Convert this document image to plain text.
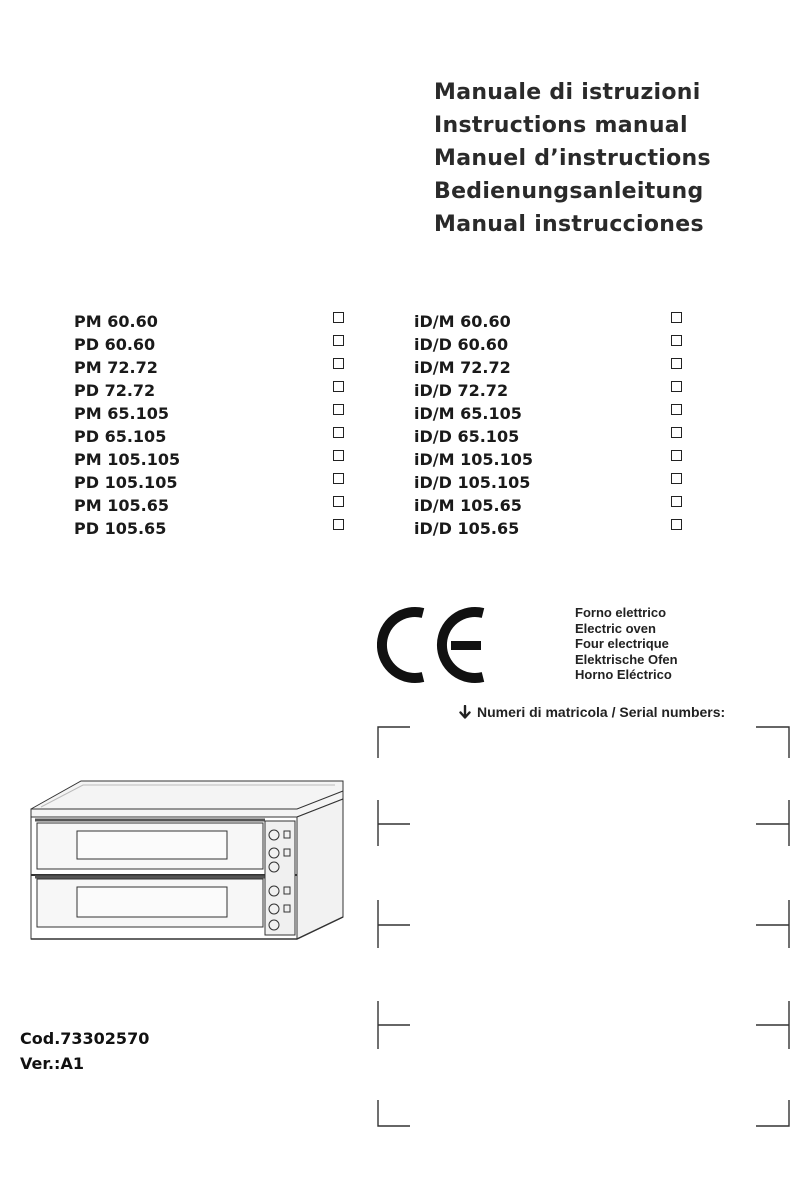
Manuale di istruzioni
Instructions manual
Manuel d’instructions
Bedienungsanleitung
Manual instrucciones
PM 60.60
PD 60.60
PM 72.72
PD 72.72
PM 65.105
PD 65.105
PM 105.105
PD 105.105
PM 105.65
PD 105.65
iD/M 60.60
iD/D 60.60
iD/M 72.72
iD/D 72.72
iD/M 65.105
iD/D 65.105
iD/M 105.105
iD/D 105.105
iD/M 105.65
iD/D 105.65
Forno elettrico
Electric oven
Four electrique
Elektrische Ofen
Horno Eléctrico
Numeri di matricola / Serial numbers:
Cod.73302570
Ver.:A1
